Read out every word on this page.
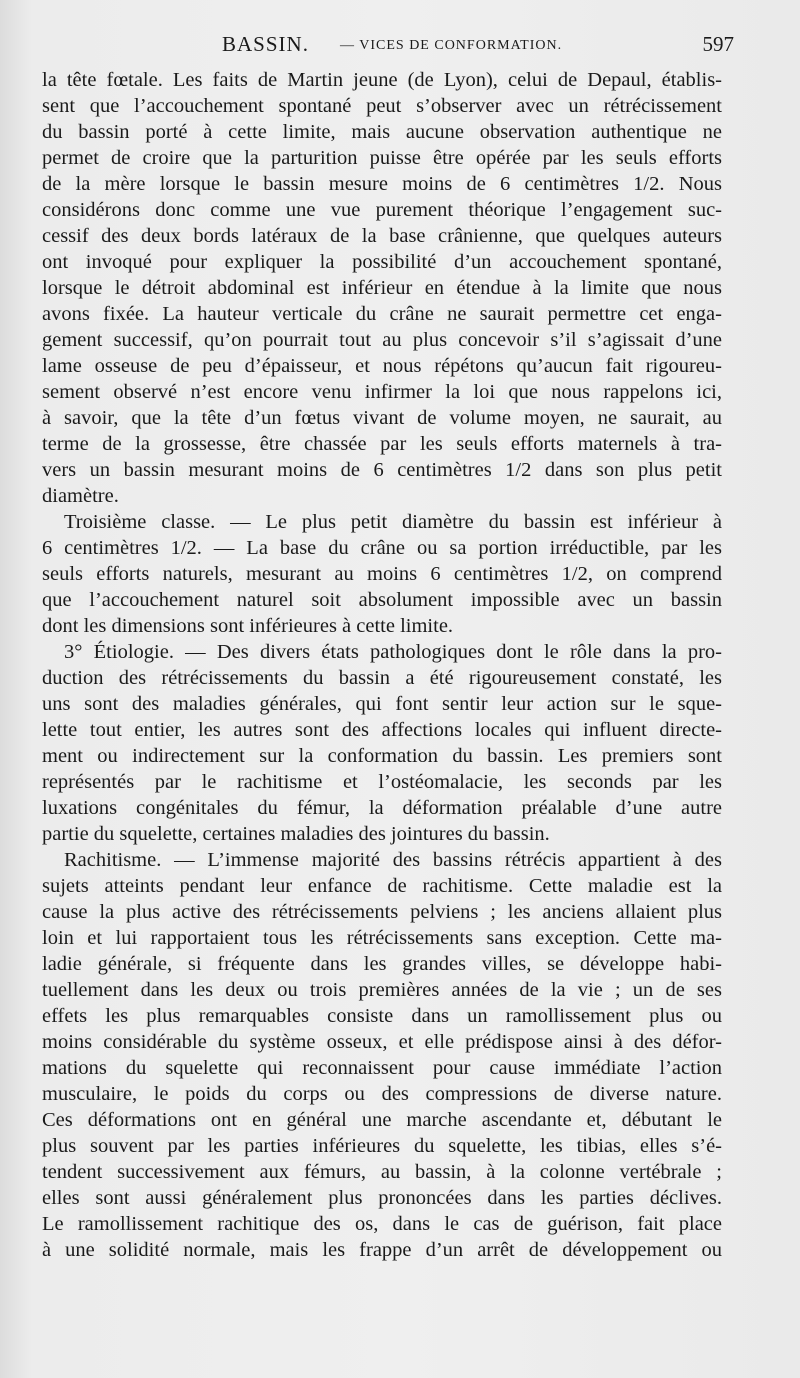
BASSIN. — VICES DE CONFORMATION.	597
la tête fœtale. Les faits de Martin jeune (de Lyon), celui de Depaul, établis-
sent que l’accouchement spontané peut s’observer avec un rétrécissement
du bassin porté à cette limite, mais aucune observation authentique ne
permet de croire que la parturition puisse être opérée par les seuls efforts
de la mère lorsque le bassin mesure moins de 6 centimètres 1/2. Nous
considérons donc comme une vue purement théorique l’engagement suc-
cessif des deux bords latéraux de la base crânienne, que quelques auteurs
ont invoqué pour expliquer la possibilité d’un accouchement spontané,
lorsque le détroit abdominal est inférieur en étendue à la limite que nous
avons fixée. La hauteur verticale du crâne ne saurait permettre cet enga-
gement successif, qu’on pourrait tout au plus concevoir s’il s’agissait d’une
lame osseuse de peu d’épaisseur, et nous répétons qu’aucun fait rigoureu-
sement observé n’est encore venu infirmer la loi que nous rappelons ici,
à savoir, que la tête d’un fœtus vivant de volume moyen, ne saurait, au
terme de la grossesse, être chassée par les seuls efforts maternels à tra-
vers un bassin mesurant moins de 6 centimètres 1/2 dans son plus petit
diamètre.
Troisième classe. — Le plus petit diamètre du bassin est inférieur à
6 centimètres 1/2. — La base du crâne ou sa portion irréductible, par les
seuls efforts naturels, mesurant au moins 6 centimètres 1/2, on comprend
que l’accouchement naturel soit absolument impossible avec un bassin
dont les dimensions sont inférieures à cette limite.
3° Étiologie. — Des divers états pathologiques dont le rôle dans la pro-
duction des rétrécissements du bassin a été rigoureusement constaté, les
uns sont des maladies générales, qui font sentir leur action sur le sque-
lette tout entier, les autres sont des affections locales qui influent directe-
ment ou indirectement sur la conformation du bassin. Les premiers sont
représentés par le rachitisme et l’ostéomalacie, les seconds par les
luxations congénitales du fémur, la déformation préalable d’une autre
partie du squelette, certaines maladies des jointures du bassin.
Rachitisme. — L’immense majorité des bassins rétrécis appartient à des
sujets atteints pendant leur enfance de rachitisme. Cette maladie est la
cause la plus active des rétrécissements pelviens ; les anciens allaient plus
loin et lui rapportaient tous les rétrécissements sans exception. Cette ma-
ladie générale, si fréquente dans les grandes villes, se développe habi-
tuellement dans les deux ou trois premières années de la vie ; un de ses
effets les plus remarquables consiste dans un ramollissement plus ou
moins considérable du système osseux, et elle prédispose ainsi à des défor-
mations du squelette qui reconnaissent pour cause immédiate l’action
musculaire, le poids du corps ou des compressions de diverse nature.
Ces déformations ont en général une marche ascendante et, débutant le
plus souvent par les parties inférieures du squelette, les tibias, elles s’é-
tendent successivement aux fémurs, au bassin, à la colonne vertébrale ;
elles sont aussi généralement plus prononcées dans les parties déclives.
Le ramollissement rachitique des os, dans le cas de guérison, fait place
à une solidité normale, mais les frappe d’un arrêt de développement ou
